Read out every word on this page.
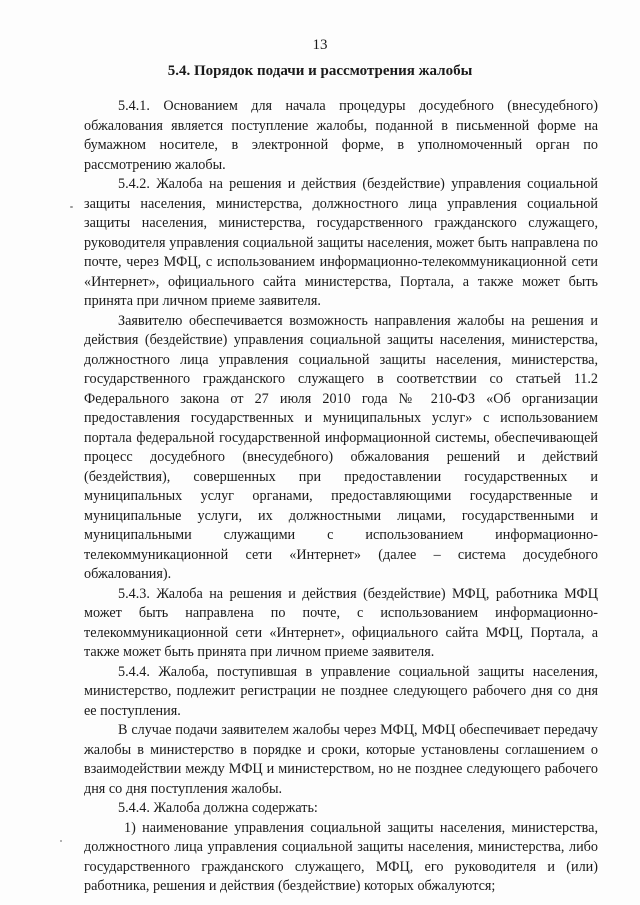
13
5.4. Порядок подачи и рассмотрения жалобы

5.4.1. Основанием для начала процедуры досудебного (внесудебного) обжалования является поступление жалобы, поданной в письменной форме на бумажном носителе, в электронной форме, в уполномоченный орган по рассмотрению жалобы.

5.4.2. Жалоба на решения и действия (бездействие) управления социальной защиты населения, министерства, должностного лица управления социальной защиты населения, министерства, государственного гражданского служащего, руководителя управления социальной защиты населения, может быть направлена по почте, через МФЦ, с использованием информационно-телекоммуникационной сети «Интернет», официального сайта министерства, Портала, а также может быть принята при личном приеме заявителя.

Заявителю обеспечивается возможность направления жалобы на решения и действия (бездействие) управления социальной защиты населения, министерства, должностного лица управления социальной защиты населения, министерства, государственного гражданского служащего в соответствии со статьей 11.2 Федерального закона от 27 июля 2010 года № 210-ФЗ «Об организации предоставления государственных и муниципальных услуг» с использованием портала федеральной государственной информационной системы, обеспечивающей процесс досудебного (внесудебного) обжалования решений и действий (бездействия), совершенных при предоставлении государственных и муниципальных услуг органами, предоставляющими государственные и муниципальные услуги, их должностными лицами, государственными и муниципальными служащими с использованием информационно-телекоммуникационной сети «Интернет» (далее – система досудебного обжалования).

5.4.3. Жалоба на решения и действия (бездействие) МФЦ, работника МФЦ может быть направлена по почте, с использованием информационно-телекоммуникационной сети «Интернет», официального сайта МФЦ, Портала, а также может быть принята при личном приеме заявителя.

5.4.4. Жалоба, поступившая в управление социальной защиты населения, министерство, подлежит регистрации не позднее следующего рабочего дня со дня ее поступления.

В случае подачи заявителем жалобы через МФЦ, МФЦ обеспечивает передачу жалобы в министерство в порядке и сроки, которые установлены соглашением о взаимодействии между МФЦ и министерством, но не позднее следующего рабочего дня со дня поступления жалобы.

5.4.4. Жалоба должна содержать:

1) наименование управления социальной защиты населения, министерства, должностного лица управления социальной защиты населения, министерства, либо государственного гражданского служащего, МФЦ, его руководителя и (или) работника, решения и действия (бездействие) которых обжалуются;
